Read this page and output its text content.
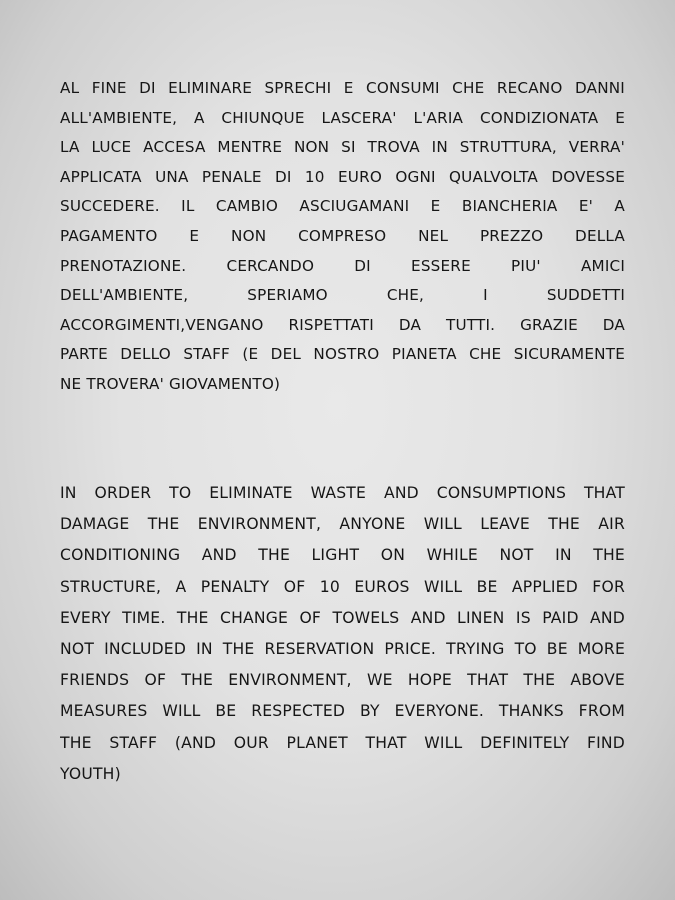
AL FINE DI ELIMINARE SPRECHI E CONSUMI CHE RECANO DANNI
ALL'AMBIENTE, A CHIUNQUE LASCERA' L'ARIA CONDIZIONATA E
LA LUCE ACCESA MENTRE NON SI TROVA IN STRUTTURA, VERRA'
APPLICATA UNA PENALE DI 10 EURO OGNI QUALVOLTA DOVESSE
SUCCEDERE. IL CAMBIO ASCIUGAMANI E BIANCHERIA E' A
PAGAMENTO E NON COMPRESO NEL PREZZO DELLA
PRENOTAZIONE. CERCANDO DI ESSERE PIU' AMICI
DELL'AMBIENTE, SPERIAMO CHE, I SUDDETTI
ACCORGIMENTI,VENGANO RISPETTATI DA TUTTI. GRAZIE DA
PARTE DELLO STAFF (E DEL NOSTRO PIANETA CHE SICURAMENTE
NE TROVERA' GIOVAMENTO)
IN ORDER TO ELIMINATE WASTE AND CONSUMPTIONS THAT
DAMAGE THE ENVIRONMENT, ANYONE WILL LEAVE THE AIR
CONDITIONING AND THE LIGHT ON WHILE NOT IN THE
STRUCTURE, A PENALTY OF 10 EUROS WILL BE APPLIED FOR
EVERY TIME. THE CHANGE OF TOWELS AND LINEN IS PAID AND
NOT INCLUDED IN THE RESERVATION PRICE. TRYING TO BE MORE
FRIENDS OF THE ENVIRONMENT, WE HOPE THAT THE ABOVE
MEASURES WILL BE RESPECTED BY EVERYONE. THANKS FROM
THE STAFF (AND OUR PLANET THAT WILL DEFINITELY FIND
YOUTH)
